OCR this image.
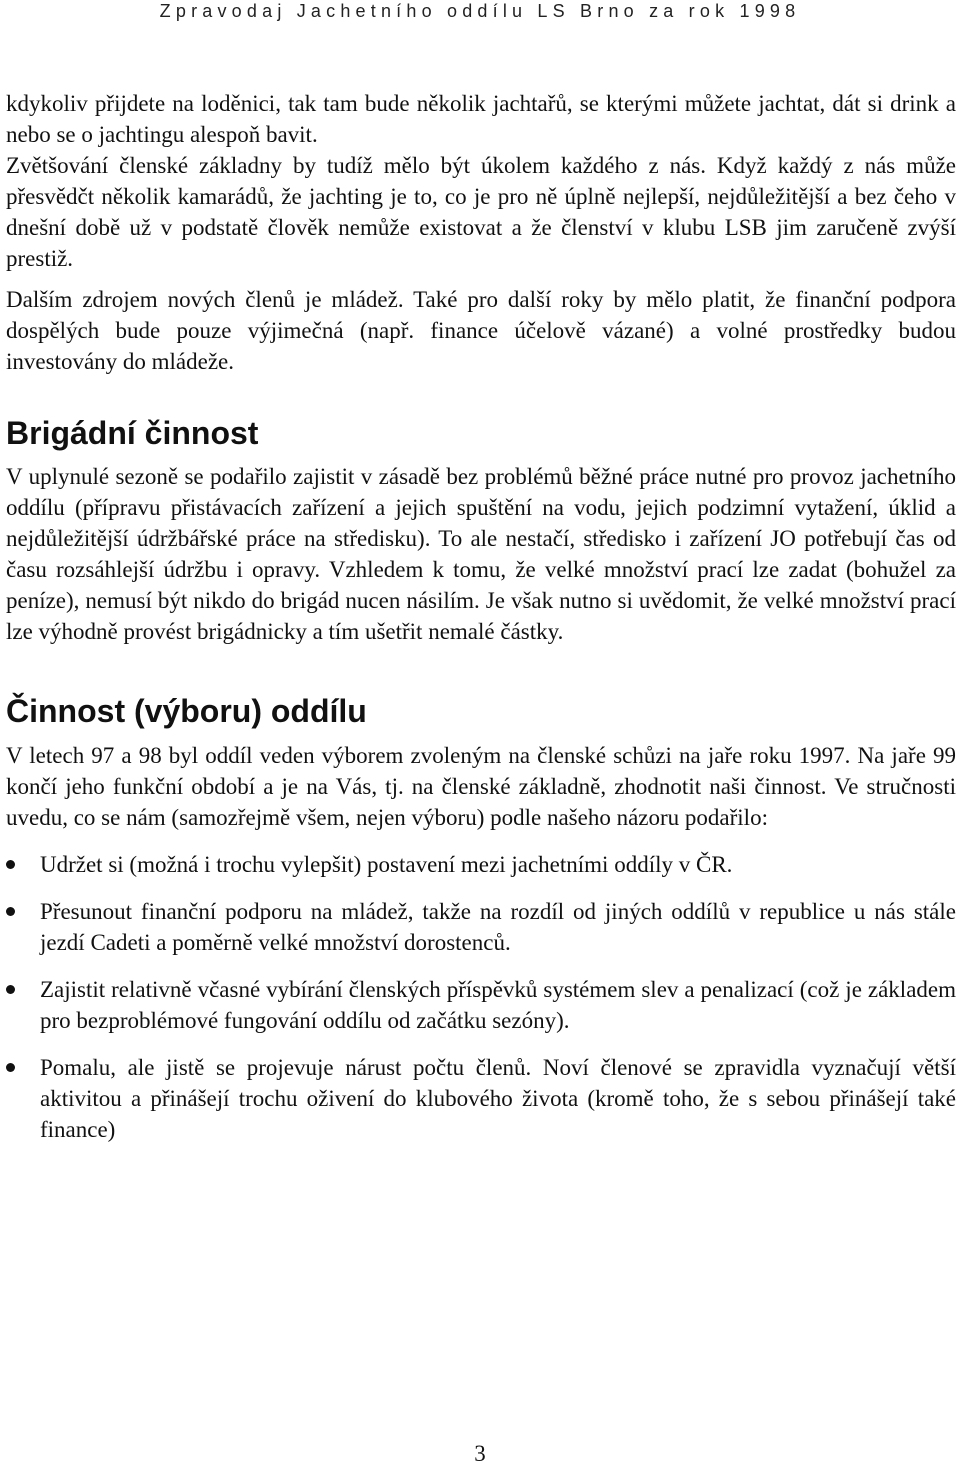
Zpravodaj Jachetního oddílu LS Brno za rok 1998

kdykoliv přijdete na loděnici, tak tam bude několik jachtařů, se kterými můžete jachtat, dát si drink a nebo se o jachtingu alespoň bavit.

Zvětšování členské základny by tudíž mělo být úkolem každého z nás. Když každý z nás může přesvědčt několik kamarádů, že jachting je to, co je pro ně úplně nejlepší, nejdůležitější a bez čeho v dnešní době už v podstatě člověk nemůže existovat a že členství v klubu LSB jim zaručeně zvýší prestiž.

Dalším zdrojem nových členů je mládež. Také pro další roky by mělo platit, že finanční podpora dospělých bude pouze výjimečná (např. finance účelově vázané) a volné prostředky budou investovány do mládeže.

Brigádní činnost

V uplynulé sezoně se podařilo zajistit v zásadě bez problémů běžné práce nutné pro provoz jachetního oddílu (přípravu přistávacích zařízení a jejich spuštění na vodu, jejich podzimní vytažení, úklid a nejdůležitější údržbářské práce na středisku). To ale nestačí, středisko i zařízení JO potřebují čas od času rozsáhlejší údržbu i opravy. Vzhledem k tomu, že velké množství prací lze zadat (bohužel za peníze), nemusí být nikdo do brigád nucen násilím. Je však nutno si uvědomit, že velké množství prací lze výhodně provést brigádnicky a tím ušetřit nemalé částky.

Činnost (výboru) oddílu

V letech 97 a 98 byl oddíl veden výborem zvoleným na členské schůzi na jaře roku 1997. Na jaře 99 končí jeho funkční období a je na Vás, tj. na členské základně, zhodnotit naši činnost. Ve stručnosti uvedu, co se nám (samozřejmě všem, nejen výboru) podle našeho názoru podařilo:

Udržet si (možná i trochu vylepšit) postavení mezi jachetními oddíly v ČR.

Přesunout finanční podporu na mládež, takže na rozdíl od jiných oddílů v republice u nás stále jezdí Cadeti a poměrně velké množství dorostenců.

Zajistit relativně včasné vybírání členských příspěvků systémem slev a penalizací (což je základem pro bezproblémové fungování oddílu od začátku sezóny).

Pomalu, ale jistě se projevuje nárust počtu členů. Noví členové se zpravidla vyznačují větší aktivitou a přinášejí trochu oživení do klubového života (kromě toho, že s sebou přinášejí také finance)

3
